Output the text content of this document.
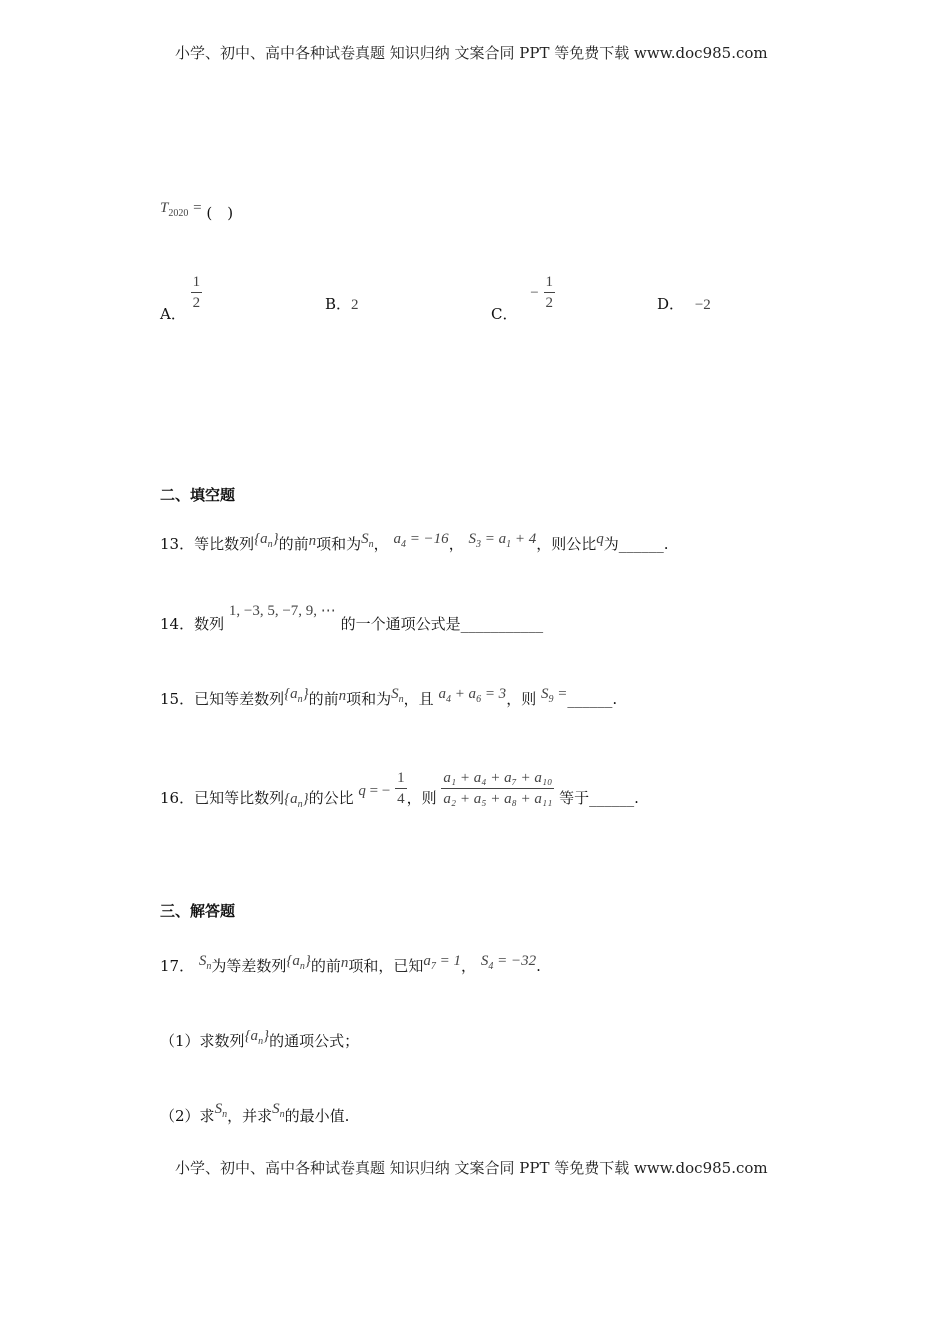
小学、初中、高中各种试卷真题 知识归纳 文案合同 PPT 等免费下载 www.doc985.com
$T_{2020}$ = (　)
A．
$\frac{1}{2}$	B．2	C． − $\frac{1}{2}$	D． −2
二、填空题
13．等比数列$\{a_n\}$的前n项和为$S_n$， $a_4 = -16$， $S_3 = a_1 + 4$，则公比q为______.
14．数列 1, −3, 5, −7, 9, ⋯ 的一个通项公式是___________
15．已知等差数列$\{a_n\}$的前n项和为$S_n$，且 $a_4 + a_6 = 3$，则 $S_9$ =______.
16．已知等比数列$\{a_n\}$的公比 q = − $\frac{1}{4}$ ，则 $\frac{\text{a₁ + a₄ + a₇ + a₁₀}}{\text{a₂ + a₅ + a₈ + a₁₁}}$ 等于______.
三、解答题
17． $S_n$为等差数列$\{a_n\}$的前n项和，已知$a_7 = 1$， $S_4 = -32$.
（1）求数列$\{a_n\}$的通项公式；
（2）求$S_n$，并求$S_n$的最小值.
小学、初中、高中各种试卷真题 知识归纳 文案合同 PPT 等免费下载 www.doc985.com
